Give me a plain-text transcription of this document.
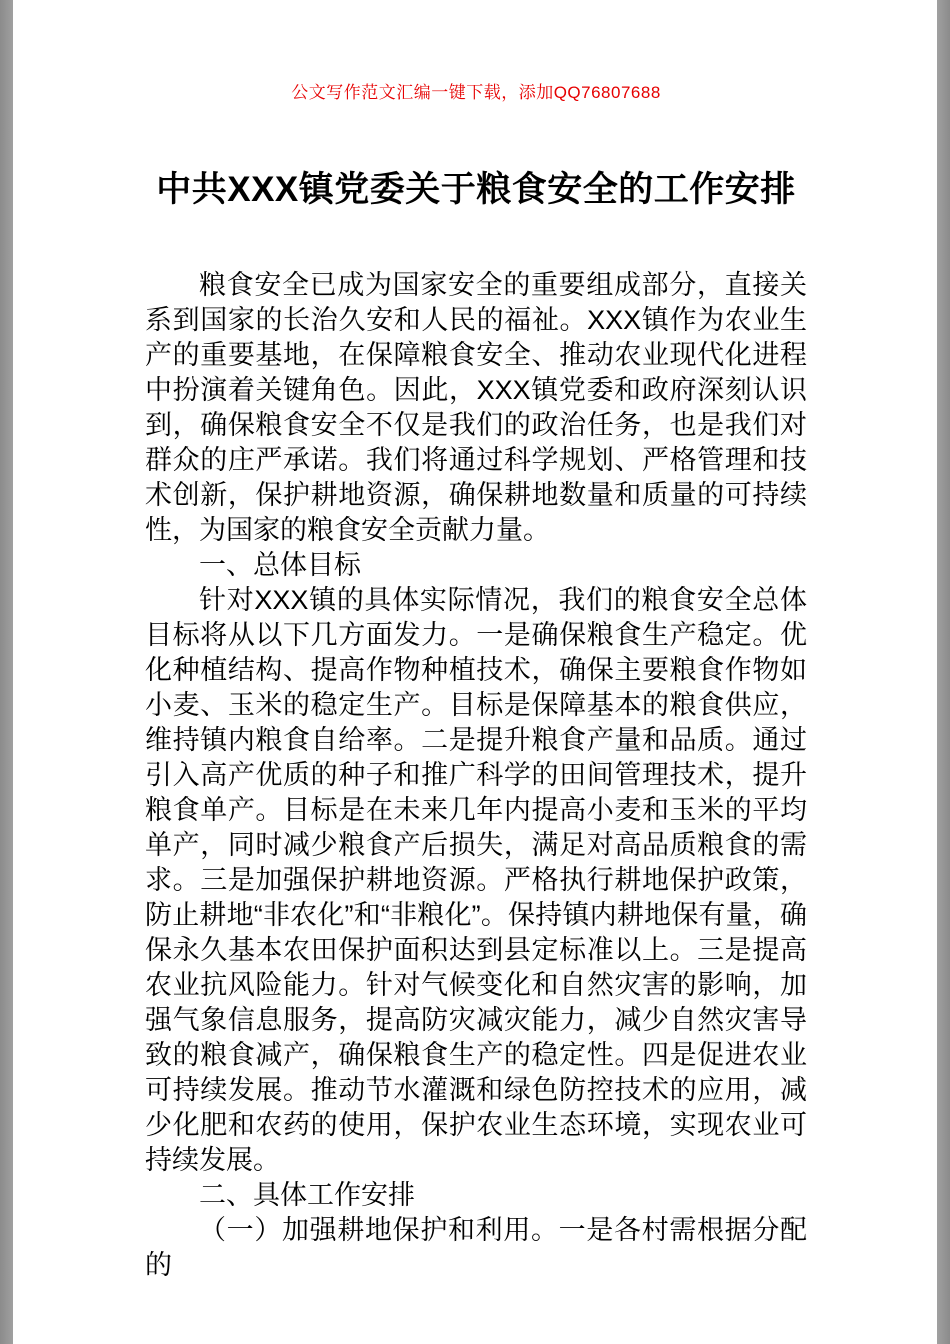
公文写作范文汇编一键下载，添加QQ76807688
中共XXX镇党委关于粮食安全的工作安排

粮食安全已成为国家安全的重要组成部分，直接关系到国家的长治久安和人民的福祉。XXX镇作为农业生产的重要基地，在保障粮食安全、推动农业现代化进程中扮演着关键角色。因此，XXX镇党委和政府深刻认识到，确保粮食安全不仅是我们的政治任务，也是我们对群众的庄严承诺。我们将通过科学规划、严格管理和技术创新，保护耕地资源，确保耕地数量和质量的可持续性，为国家的粮食安全贡献力量。

一、总体目标

针对XXX镇的具体实际情况，我们的粮食安全总体目标将从以下几方面发力。一是确保粮食生产稳定。优化种植结构、提高作物种植技术，确保主要粮食作物如小麦、玉米的稳定生产。目标是保障基本的粮食供应，维持镇内粮食自给率。二是提升粮食产量和品质。通过引入高产优质的种子和推广科学的田间管理技术，提升粮食单产。目标是在未来几年内提高小麦和玉米的平均单产，同时减少粮食产后损失，满足对高品质粮食的需求。三是加强保护耕地资源。严格执行耕地保护政策，防止耕地“非农化”和“非粮化”。保持镇内耕地保有量，确保永久基本农田保护面积达到县定标准以上。三是提高农业抗风险能力。针对气候变化和自然灾害的影响，加强气象信息服务，提高防灾减灾能力，减少自然灾害导致的粮食减产，确保粮食生产的稳定性。四是促进农业可持续发展。推动节水灌溉和绿色防控技术的应用，减少化肥和农药的使用，保护农业生态环境，实现农业可持续发展。

二、具体工作安排

（一）加强耕地保护和利用。一是各村需根据分配的
